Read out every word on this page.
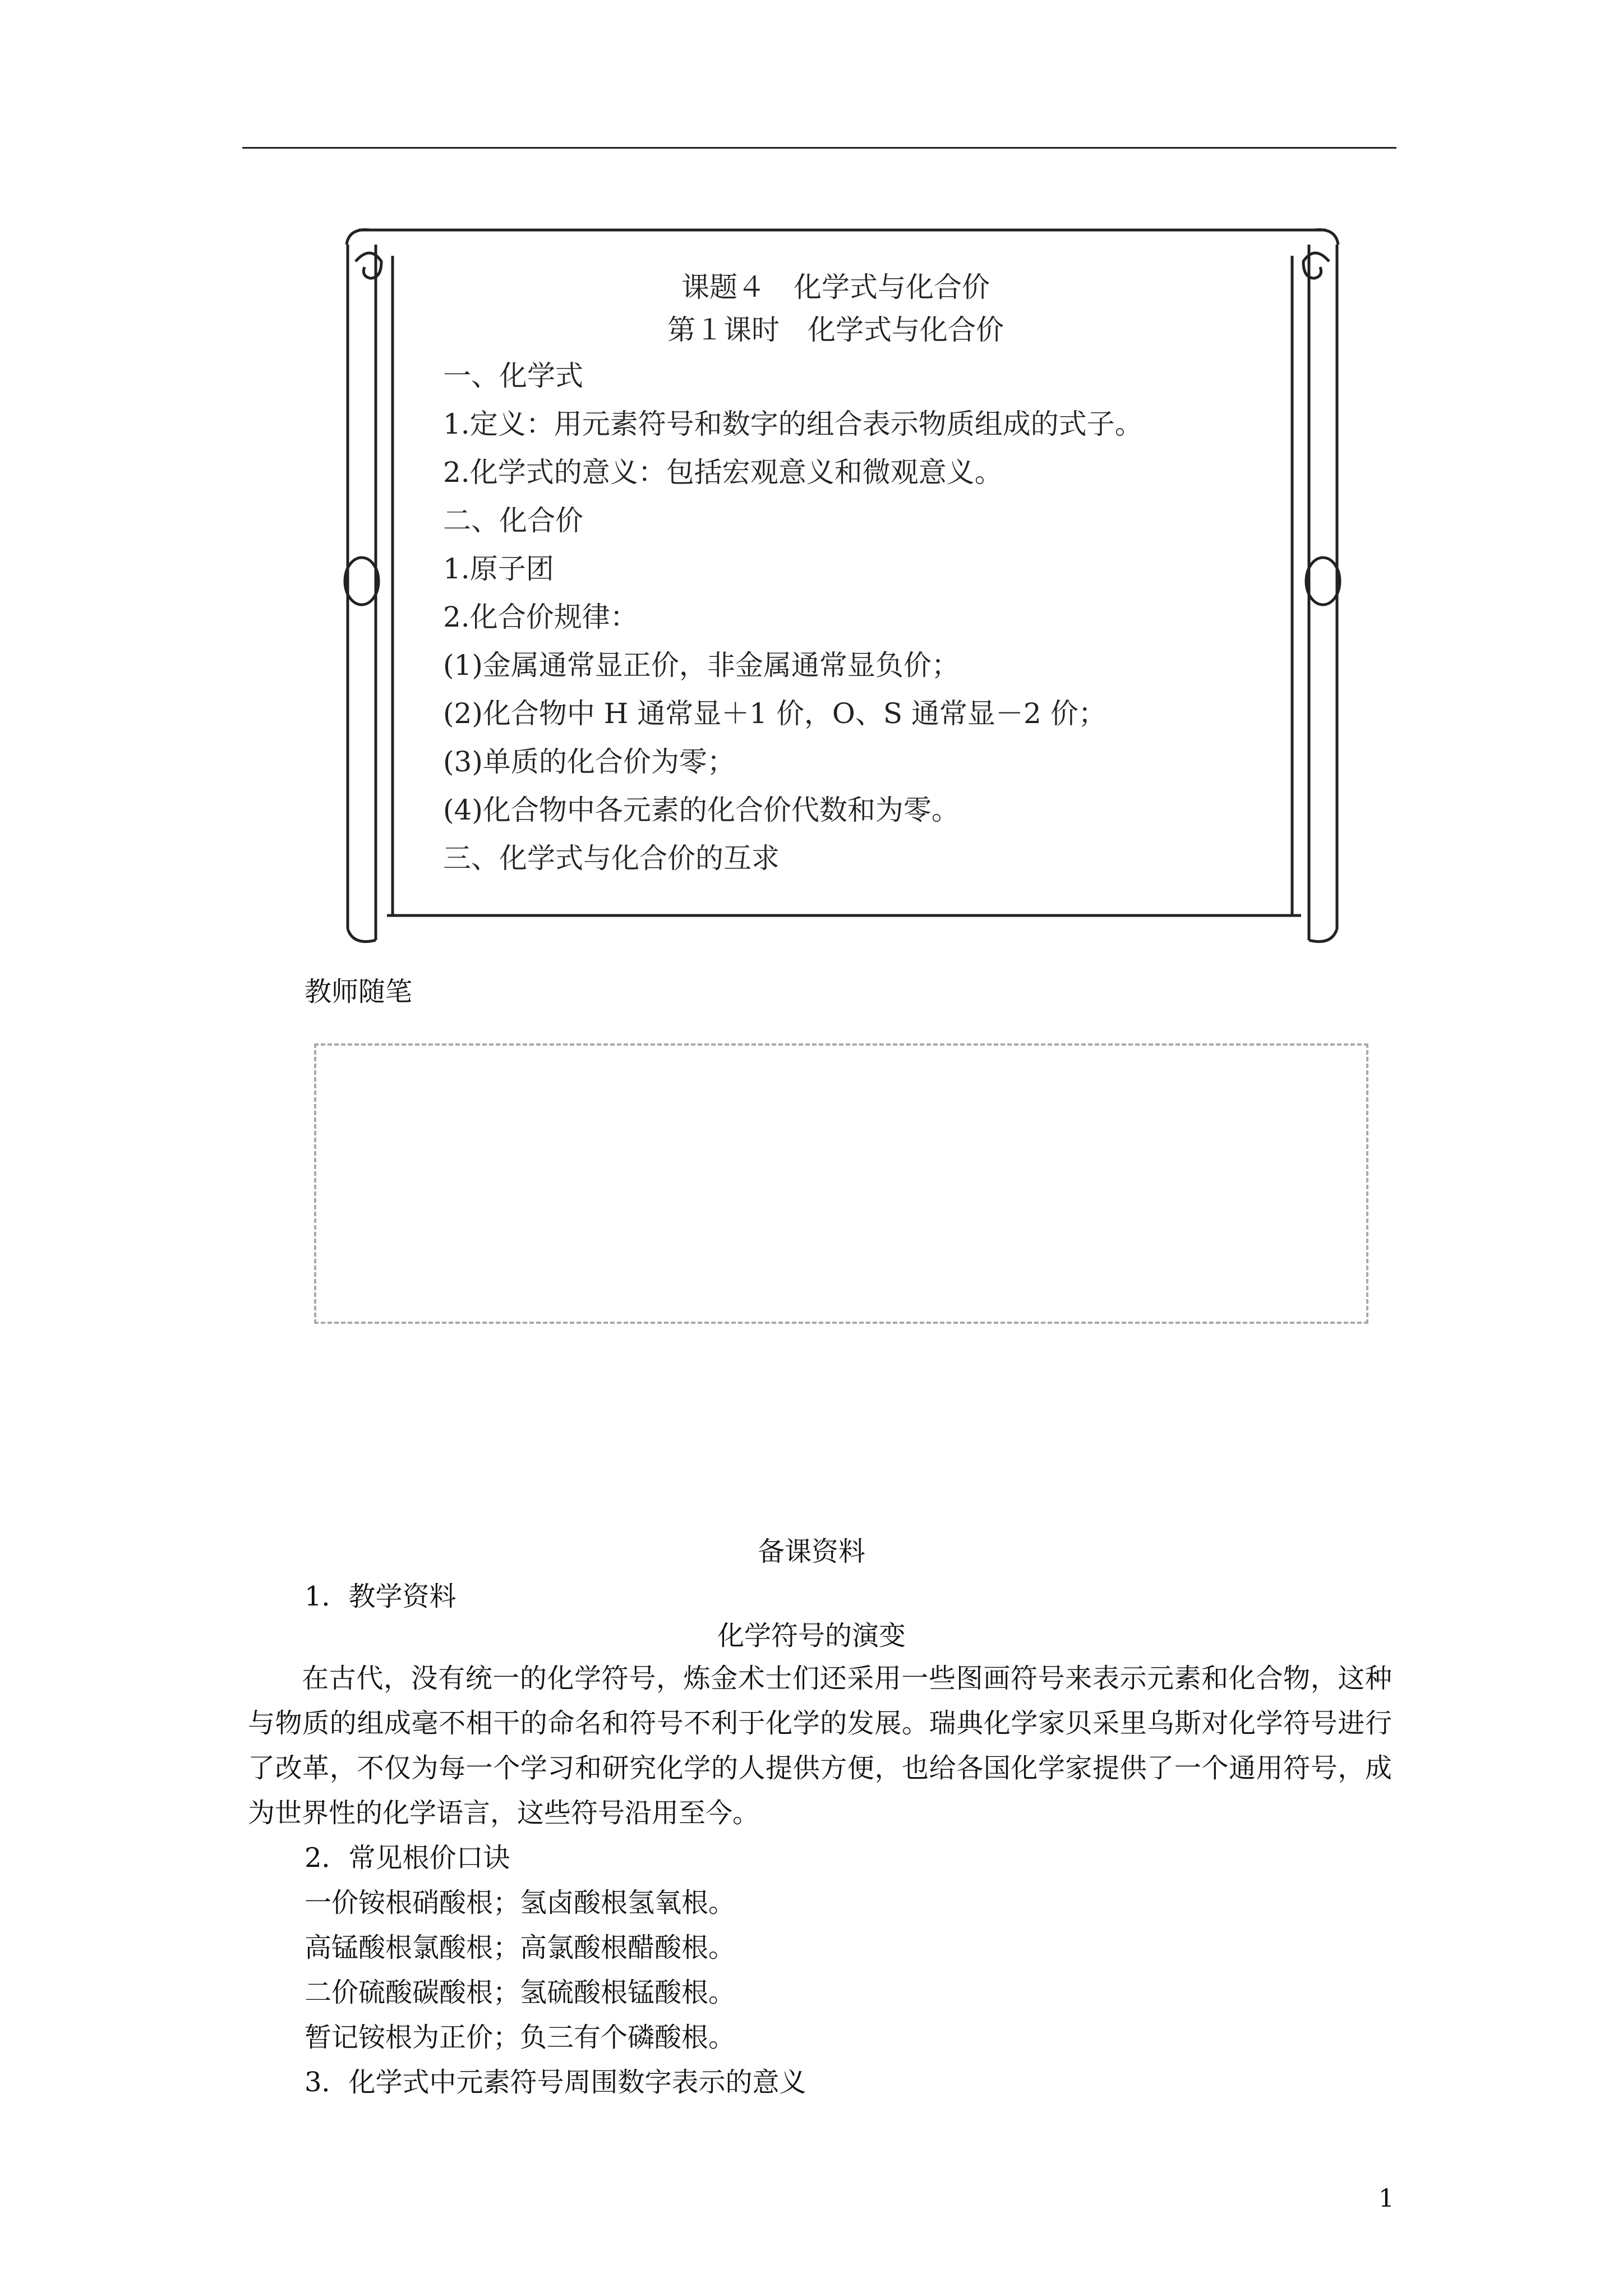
课题４　化学式与化合价
第１课时　化学式与化合价
一、化学式
1.定义：用元素符号和数字的组合表示物质组成的式子。
2.化学式的意义：包括宏观意义和微观意义。
二、化合价
1.原子团
2.化合价规律：
(1)金属通常显正价，非金属通常显负价；
(2)化合物中 H 通常显＋1 价，O、S 通常显－2 价；
(3)单质的化合价为零；
(4)化合物中各元素的化合价代数和为零。
三、化学式与化合价的互求
教师随笔
备课资料
1．教学资料
化学符号的演变

在古代，没有统一的化学符号，炼金术士们还采用一些图画符号来表示元素和化合物，这种与物质的组成毫不相干的命名和符号不利于化学的发展。瑞典化学家贝采里乌斯对化学符号进行了改革，不仅为每一个学习和研究化学的人提供方便，也给各国化学家提供了一个通用符号，成为世界性的化学语言，这些符号沿用至今。

2．常见根价口诀
一价铵根硝酸根；氢卤酸根氢氧根。
高锰酸根氯酸根；高氯酸根醋酸根。
二价硫酸碳酸根；氢硫酸根锰酸根。
暂记铵根为正价；负三有个磷酸根。
3．化学式中元素符号周围数字表示的意义
1
